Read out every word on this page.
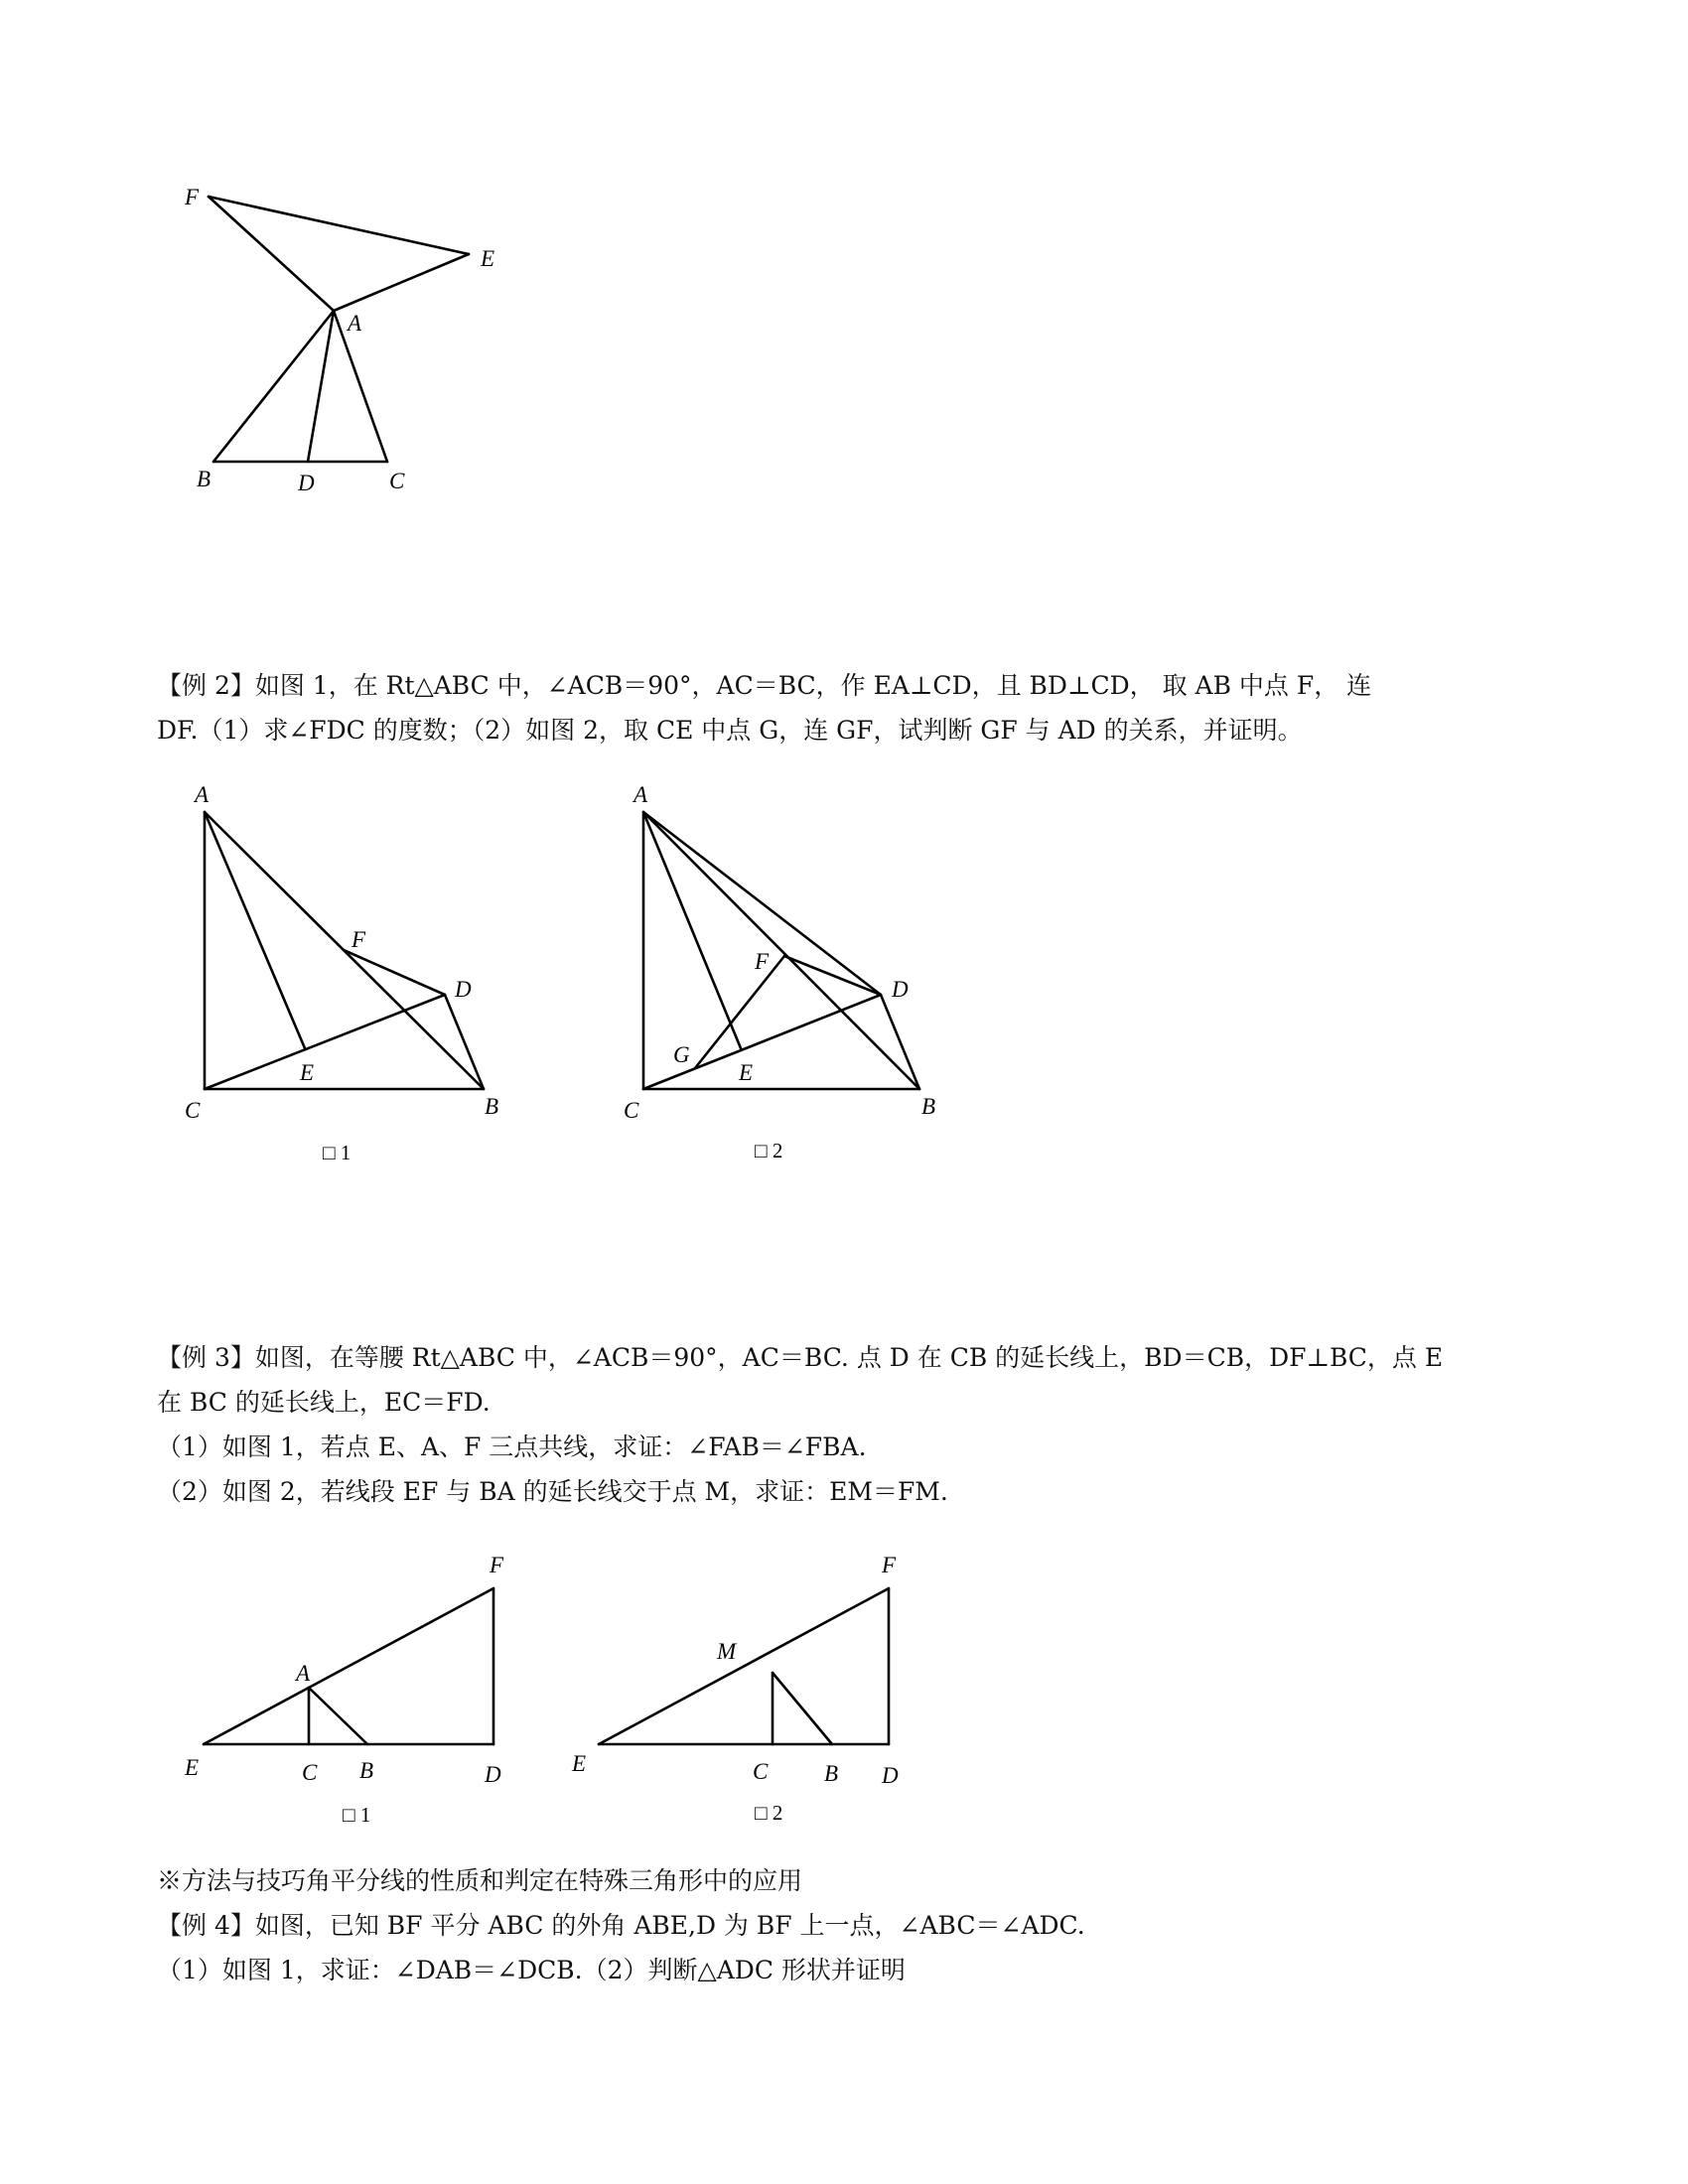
F
E
A
B	D	C
【例 2】如图 1，在 Rt△ABC 中，∠ACB＝90°，AC＝BC，作 EA⊥CD，且 BD⊥CD， 取 AB 中点 F， 连
DF.（1）求∠FDC 的度数；（2）如图 2，取 CE 中点 G，连 GF，试判断 GF 与 AD 的关系，并证明。
A
F
D
E
C	B
□ 1
A
F
D
G
E
C	B
□ 2
【例 3】如图，在等腰 Rt△ABC 中，∠ACB＝90°，AC＝BC. 点 D 在 CB 的延长线上，BD＝CB，DF⊥BC，点 E
在 BC 的延长线上，EC＝FD.
（1）如图 1，若点 E、A、F 三点共线，求证：∠FAB＝∠FBA.
（2）如图 2，若线段 EF 与 BA 的延长线交于点 M，求证：EM＝FM.
F
A
E	C B	D
□ 1
F
M
E	C B D
□ 2
※方法与技巧角平分线的性质和判定在特殊三角形中的应用
【例 4】如图，已知 BF 平分 ABC 的外角 ABE,D 为 BF 上一点，∠ABC＝∠ADC.
（1）如图 1，求证：∠DAB＝∠DCB.（2）判断△ADC 形状并证明
